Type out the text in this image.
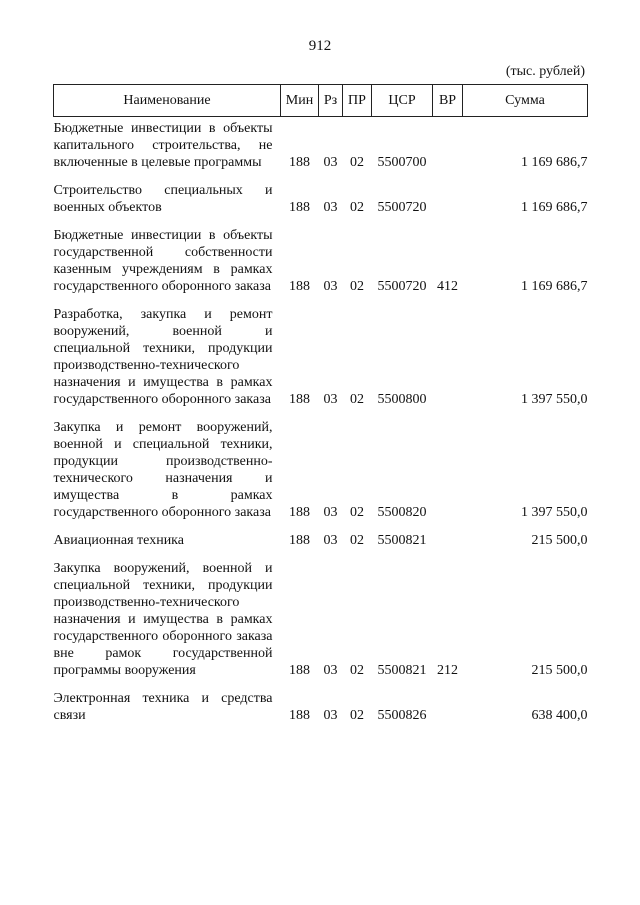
912
(тыс. рублей)
Наименование	Мин	Рз	ПР	ЦСР	ВР	Сумма
Бюджетные инвестиции в объекты капитального строительства, не включенные в целевые программы	188	03	02	5500700		1 169 686,7
Строительство специальных и военных объектов	188	03	02	5500720		1 169 686,7
Бюджетные инвестиции в объекты государственной собственности казенным учреждениям в рамках государственного оборонного заказа	188	03	02	5500720	412	1 169 686,7
Разработка, закупка и ремонт вооружений, военной и специальной техники, продукции производственно-технического назначения и имущества в рамках государственного оборонного заказа	188	03	02	5500800		1 397 550,0
Закупка и ремонт вооружений, военной и специальной техники, продукции производственно-технического назначения и имущества в рамках государственного оборонного заказа	188	03	02	5500820		1 397 550,0
Авиационная техника	188	03	02	5500821		215 500,0
Закупка вооружений, военной и специальной техники, продукции производственно-технического назначения и имущества в рамках государственного оборонного заказа вне рамок государственной программы вооружения	188	03	02	5500821	212	215 500,0
Электронная техника и средства связи	188	03	02	5500826		638 400,0
